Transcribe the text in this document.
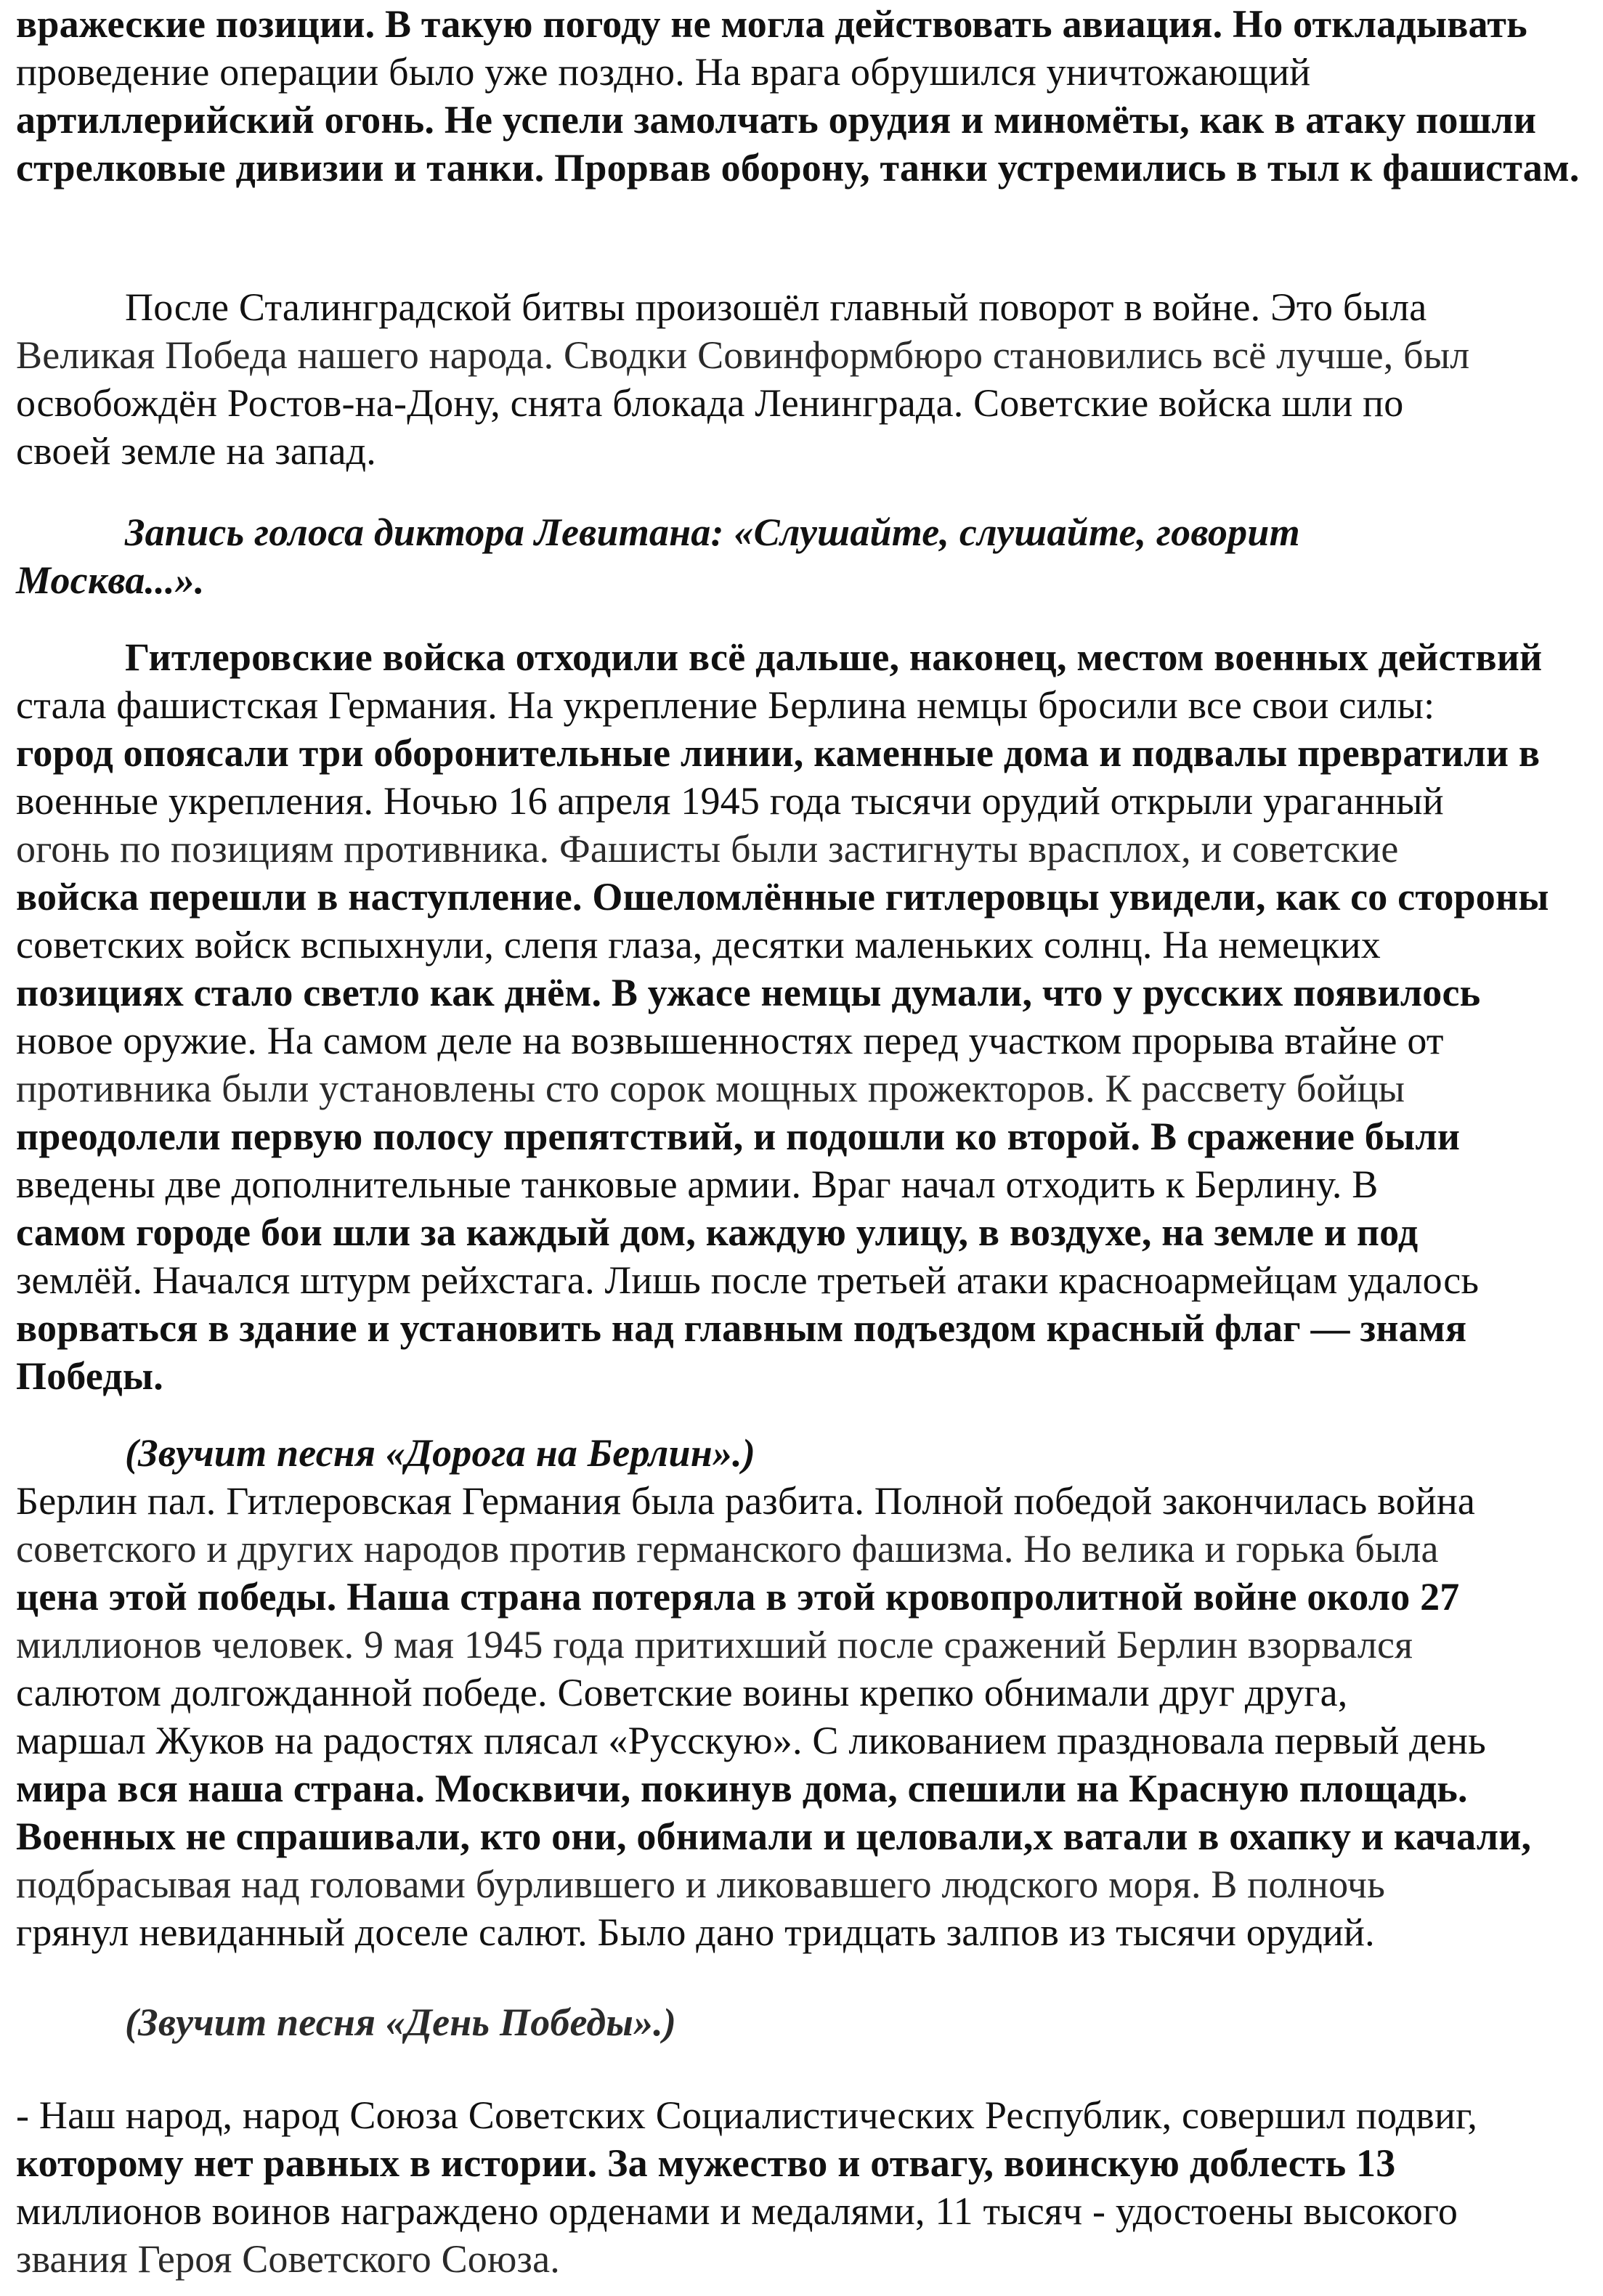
вражеские позиции. В такую погоду не могла действовать авиация. Но откладывать

проведение операции было уже поздно. На врага обрушился уничтожающий

артиллерийский огонь. Не успели замолчать орудия и миномёты, как в атаку пошли

стрелковые дивизии и танки. Прорвав оборону, танки устремились в тыл к фашистам.

После Сталинградской битвы произошёл главный поворот в войне. Это была

Великая Победа нашего народа. Сводки Совинформбюро становились всё лучше, был

освобождён Ростов-на-Дону, снята блокада Ленинграда. Советские войска шли по

своей земле на запад.

Запись голоса диктора Левитана: «Слушайте, слушайте, говорит

Москва...».

Гитлеровские войска отходили всё дальше, наконец, местом военных действий

стала фашистская Германия. На укрепление Берлина немцы бросили все свои силы:

город опоясали три оборонительные линии, каменные дома и подвалы превратили в

военные укрепления. Ночью 16 апреля 1945 года тысячи орудий открыли ураганный

огонь по позициям противника. Фашисты были застигнуты врасплох, и советские

войска перешли в наступление. Ошеломлённые гитлеровцы увидели, как со стороны

советских войск вспыхнули, слепя глаза, десятки маленьких солнц. На немецких

позициях стало светло как днём. В ужасе немцы думали, что у русских появилось

новое оружие. На самом деле на возвышенностях перед участком прорыва втайне от

противника были установлены сто сорок мощных прожекторов. К рассвету бойцы

преодолели первую полосу препятствий, и подошли ко второй. В сражение были

введены две дополнительные танковые армии. Враг начал отходить к Берлину. В

самом городе бои шли за каждый дом, каждую улицу, в воздухе, на земле и под

землёй. Начался штурм рейхстага. Лишь после третьей атаки красноармейцам удалось

ворваться в здание и установить над главным подъездом красный флаг — знамя

Победы.

(Звучит песня «Дорога на Берлин».)

Берлин пал. Гитлеровская Германия была разбита. Полной победой закончилась война

советского и других народов против германского фашизма. Но велика и горька была

цена этой победы. Наша страна потеряла в этой кровопролитной войне около 27

миллионов человек. 9 мая 1945 года притихший после сражений Берлин взорвался

салютом долгожданной победе. Советские воины крепко обнимали друг друга,

маршал Жуков на радостях плясал «Русскую». С ликованием праздновала первый день

мира вся наша страна. Москвичи, покинув дома, спешили на Красную площадь.

Военных не спрашивали, кто они, обнимали и целовали,х ватали в охапку и качали,

подбрасывая над головами бурлившего и ликовавшего людского моря. В полночь

грянул невиданный доселе салют. Было дано тридцать залпов из тысячи орудий.

(Звучит песня «День Победы».)

- Наш народ, народ Союза Советских Социалистических Республик, совершил подвиг,

которому нет равных в истории. За мужество и отвагу, воинскую доблесть 13

миллионов воинов награждено орденами и медалями, 11 тысяч - удостоены высокого

звания Героя Советского Союза.
